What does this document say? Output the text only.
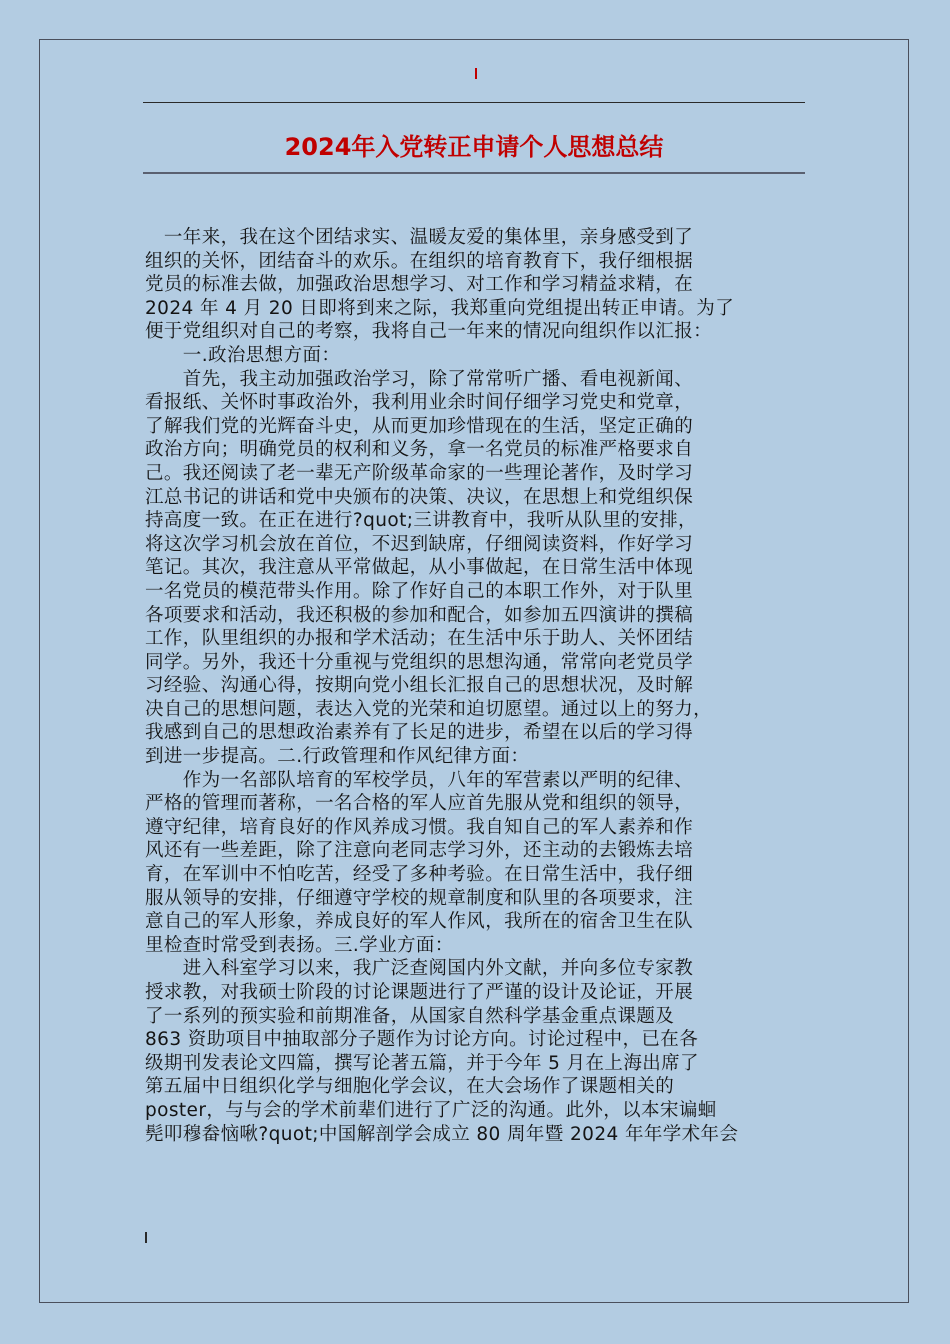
2024年入党转正申请个人思想总结

　一年来，我在这个团结求实、温暖友爱的集体里，亲身感受到了

组织的关怀，团结奋斗的欢乐。在组织的培育教育下，我仔细根据

党员的标准去做，加强政治思想学习、对工作和学习精益求精，在

2024 年 4 月 20 日即将到来之际，我郑重向党组提出转正申请。为了

便于党组织对自己的考察，我将自己一年来的情况向组织作以汇报：

　　一.政治思想方面：

　　首先，我主动加强政治学习，除了常常听广播、看电视新闻、

看报纸、关怀时事政治外，我利用业余时间仔细学习党史和党章，

了解我们党的光辉奋斗史，从而更加珍惜现在的生活，坚定正确的

政治方向；明确党员的权利和义务，拿一名党员的标准严格要求自

己。我还阅读了老一辈无产阶级革命家的一些理论著作，及时学习

江总书记的讲话和党中央颁布的决策、决议，在思想上和党组织保

持高度一致。在正在进行?quot;三讲教育中，我听从队里的安排，

将这次学习机会放在首位，不迟到缺席，仔细阅读资料，作好学习

笔记。其次，我注意从平常做起，从小事做起，在日常生活中体现

一名党员的模范带头作用。除了作好自己的本职工作外，对于队里

各项要求和活动，我还积极的参加和配合，如参加五四演讲的撰稿

工作，队里组织的办报和学术活动；在生活中乐于助人、关怀团结

同学。另外，我还十分重视与党组织的思想沟通，常常向老党员学

习经验、沟通心得，按期向党小组长汇报自己的思想状况，及时解

决自己的思想问题，表达入党的光荣和迫切愿望。通过以上的努力，

我感到自己的思想政治素养有了长足的进步，希望在以后的学习得

到进一步提高。二.行政管理和作风纪律方面：

　　作为一名部队培育的军校学员，八年的军营素以严明的纪律、

严格的管理而著称，一名合格的军人应首先服从党和组织的领导，

遵守纪律，培育良好的作风养成习惯。我自知自己的军人素养和作

风还有一些差距，除了注意向老同志学习外，还主动的去锻炼去培

育，在军训中不怕吃苦，经受了多种考验。在日常生活中，我仔细

服从领导的安排，仔细遵守学校的规章制度和队里的各项要求，注

意自己的军人形象，养成良好的军人作风，我所在的宿舍卫生在队

里检查时常受到表扬。三.学业方面：

　　进入科室学习以来，我广泛查阅国内外文献，并向多位专家教

授求教，对我硕士阶段的讨论课题进行了严谨的设计及论证，开展

了一系列的预实验和前期准备，从国家自然科学基金重点课题及

863 资助项目中抽取部分子题作为讨论方向。讨论过程中，已在各

级期刊发表论文四篇，撰写论著五篇，并于今年 5 月在上海出席了

第五届中日组织化学与细胞化学会议，在大会场作了课题相关的

poster，与与会的学术前辈们进行了广泛的沟通。此外，以本宋谝蛔

髡叩穆畚恼啾?quot;中国解剖学会成立 80 周年暨 2024 年年学术年会
